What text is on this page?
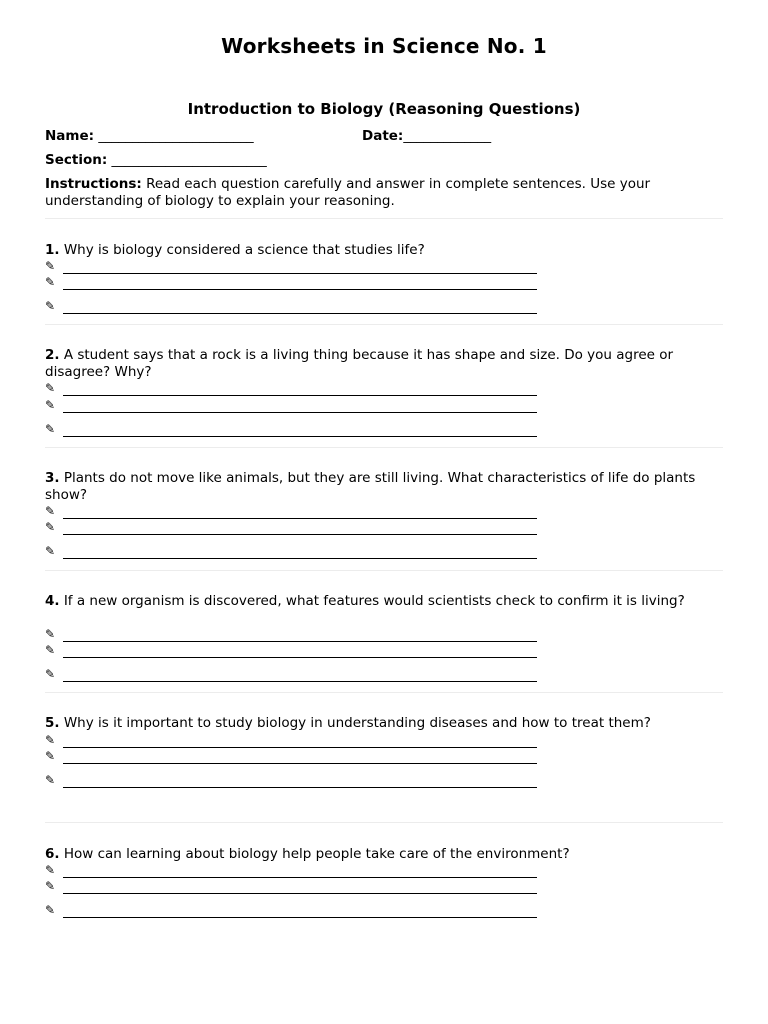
Worksheets in Science No. 1
Introduction to Biology (Reasoning Questions)
Name: _______________________	Date:_____________
Section: _______________________
Instructions: Read each question carefully and answer in complete sentences. Use your understanding of biology to explain your reasoning.
1. Why is biology considered a science that studies life?
✎
✎
✎
2. A student says that a rock is a living thing because it has shape and size. Do you agree or disagree? Why?
✎
✎
✎
3. Plants do not move like animals, but they are still living. What characteristics of life do plants show?
✎
✎
✎
4. If a new organism is discovered, what features would scientists check to confirm it is living?
✎
✎
✎
5. Why is it important to study biology in understanding diseases and how to treat them?
✎
✎
✎
6. How can learning about biology help people take care of the environment?
✎
✎
✎
